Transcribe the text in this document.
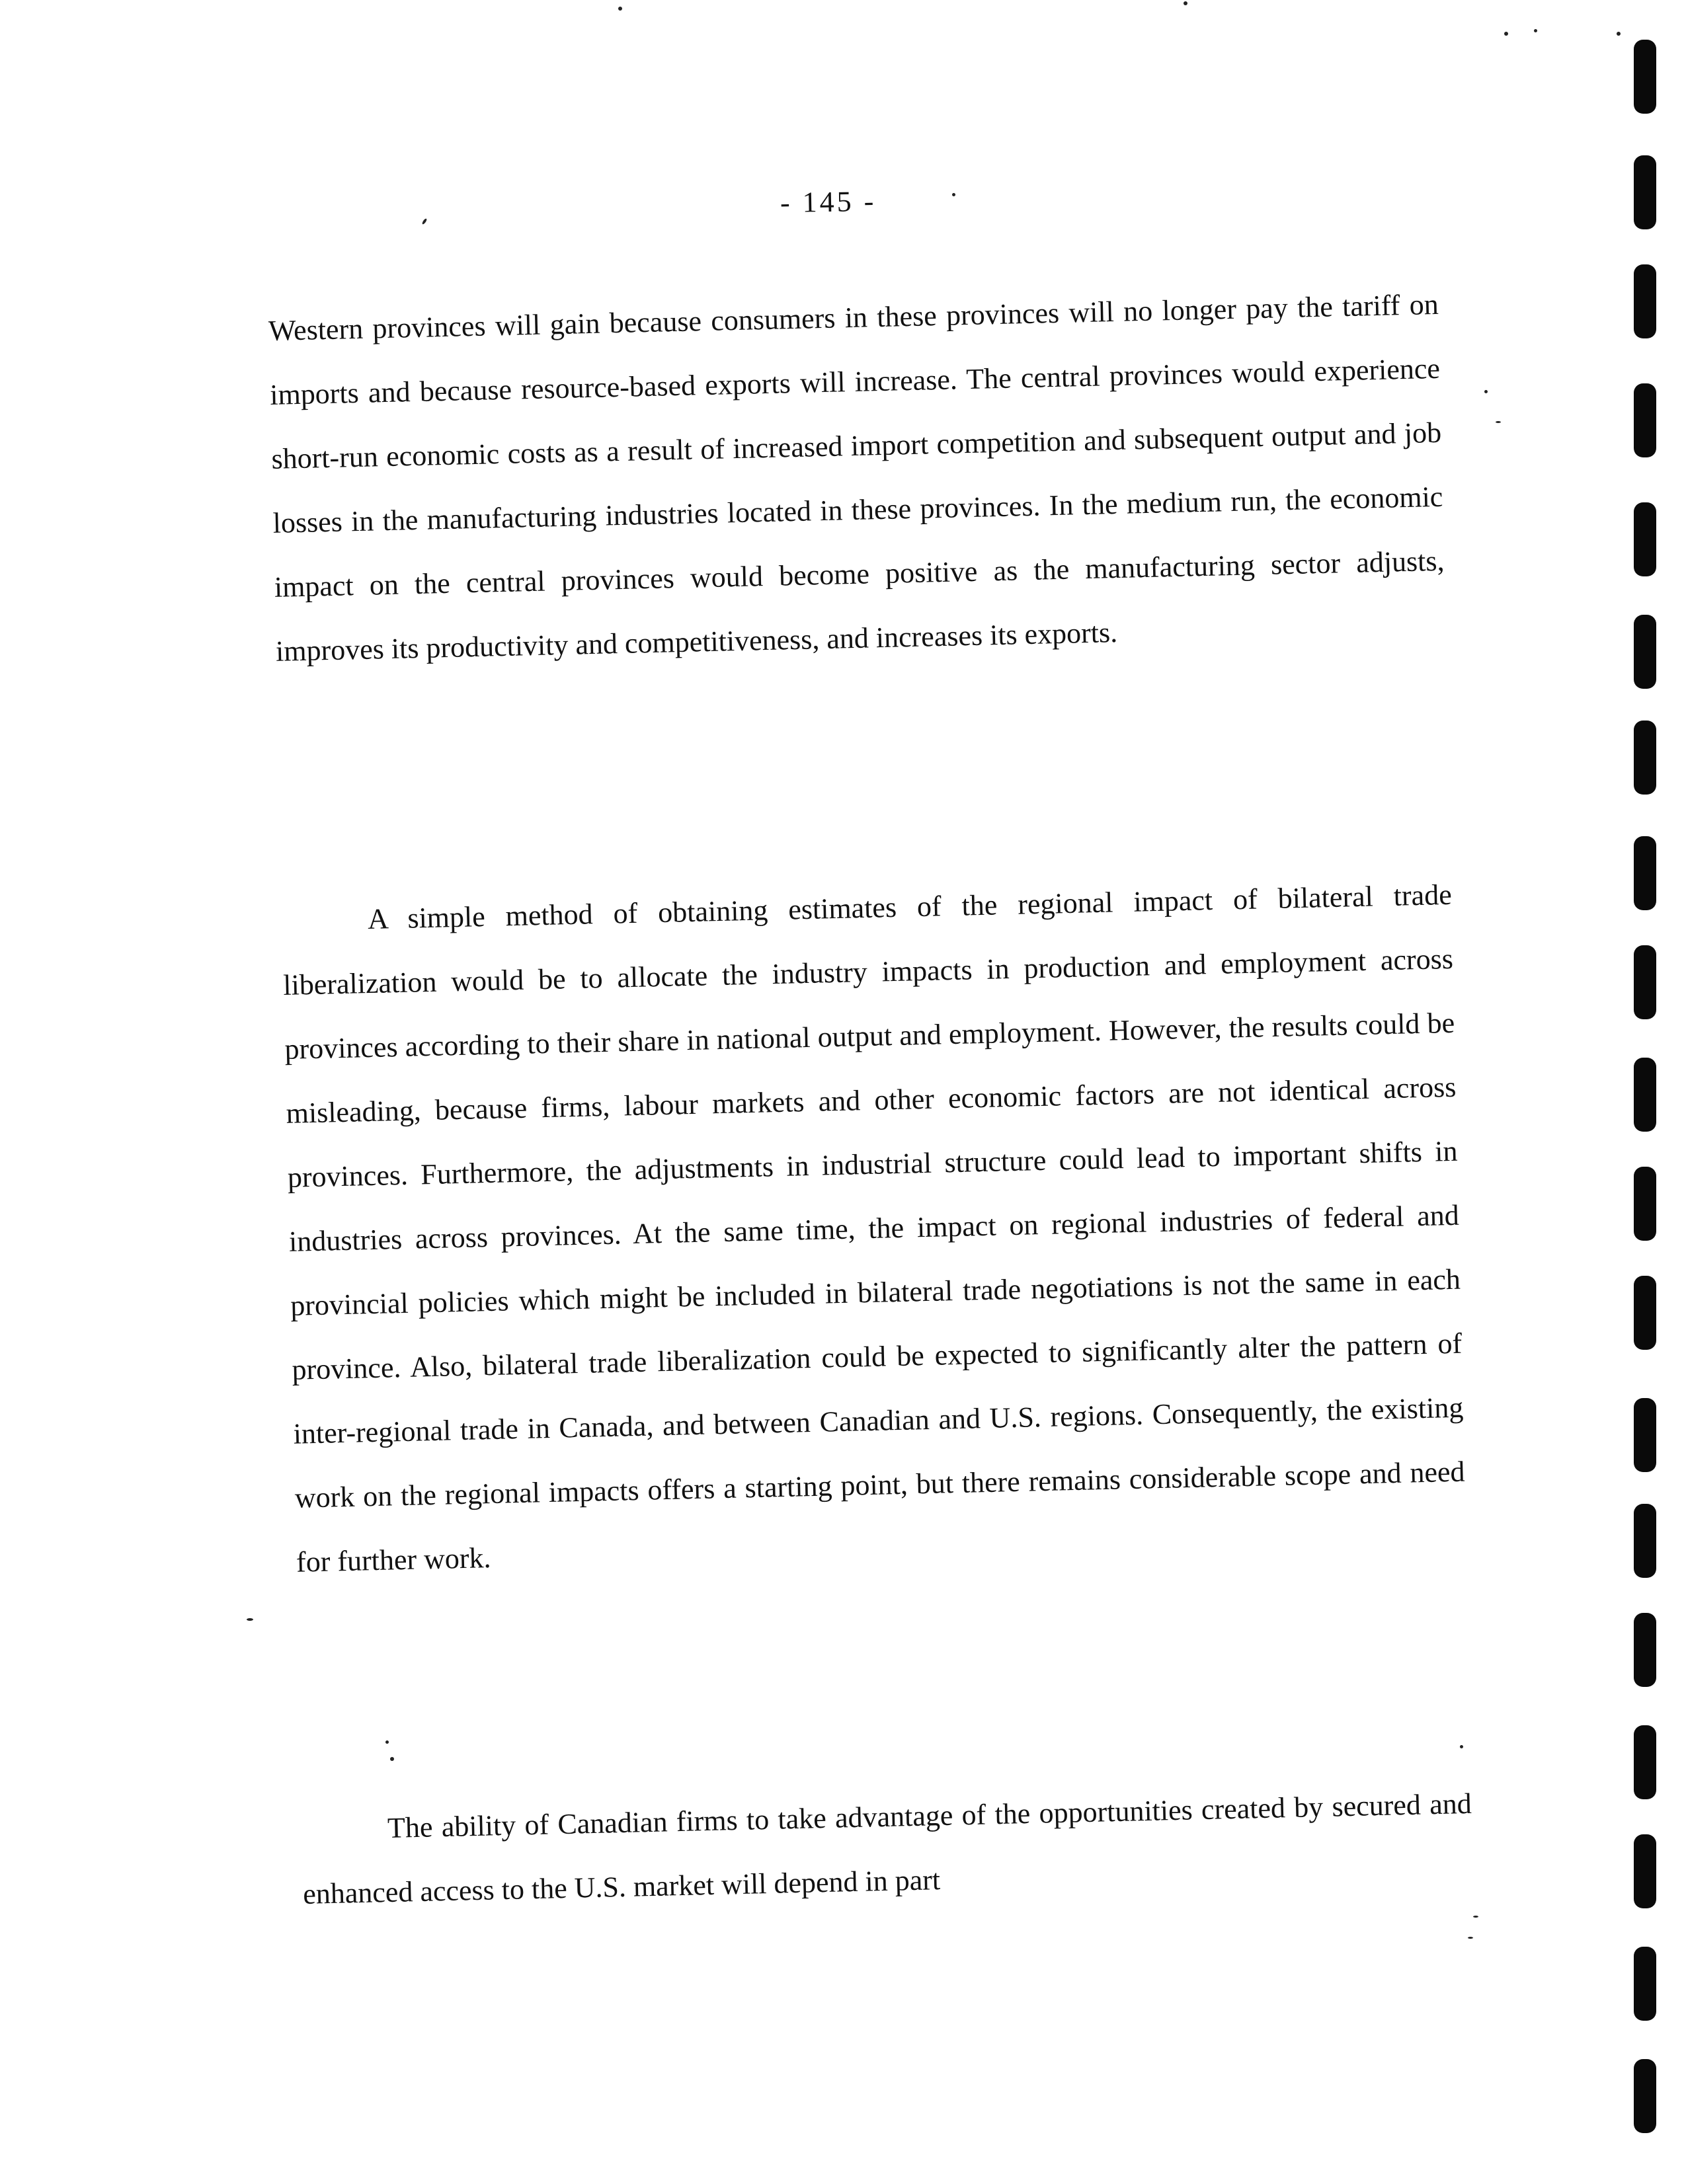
- 145 -

Western provinces will gain because consumers in these provinces will no longer pay the tariff on imports and because resource-based exports will increase. The central provinces would experience short-run economic costs as a result of increased import competition and subsequent output and job losses in the manufacturing industries located in these provinces. In the medium run, the economic impact on the central provinces would become positive as the manufacturing sector adjusts, improves its productivity and competitiveness, and increases its exports.

A simple method of obtaining estimates of the regional impact of bilateral trade liberalization would be to allocate the industry impacts in production and employment across provinces according to their share in national output and employment. However, the results could be misleading, because firms, labour markets and other economic factors are not identical across provinces. Furthermore, the adjustments in industrial structure could lead to important shifts in industries across provinces. At the same time, the impact on regional industries of federal and provincial policies which might be included in bilateral trade negotiations is not the same in each province. Also, bilateral trade liberalization could be expected to significantly alter the pattern of inter-regional trade in Canada, and between Canadian and U.S. regions. Consequently, the existing work on the regional impacts offers a starting point, but there remains considerable scope and need for further work.

The ability of Canadian firms to take advantage of the opportunities created by secured and enhanced access to the U.S. market will depend in part
